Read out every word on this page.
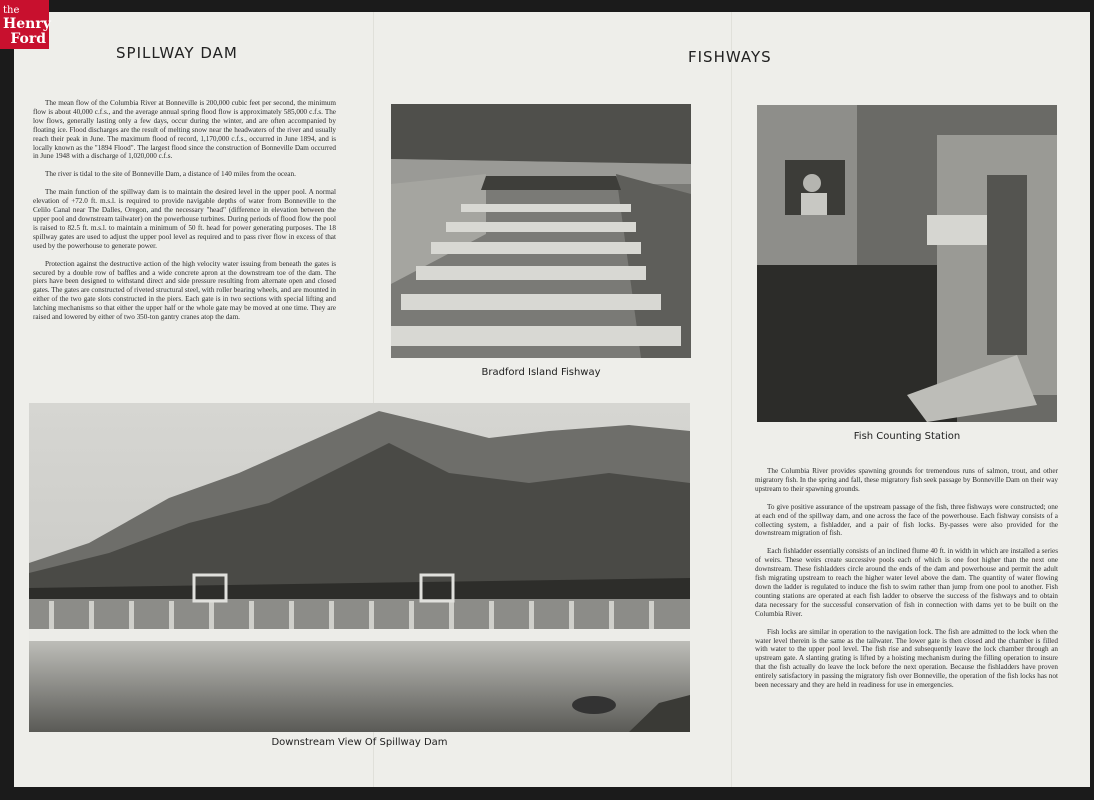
the
Henry
Ford
SPILLWAY DAM

The mean flow of the Columbia River at Bonneville is 200,000 cubic feet per second, the minimum flow is about 40,000 c.f.s., and the average annual spring flood flow is approximately 585,000 c.f.s. The low flows, generally lasting only a few days, occur during the winter, and are often accompanied by floating ice. Flood discharges are the result of melting snow near the headwaters of the river and usually reach their peak in June. The maximum flood of record, 1,170,000 c.f.s., occurred in June 1894, and is locally known as the "1894 Flood". The largest flood since the construction of Bonneville Dam occurred in June 1948 with a discharge of 1,020,000 c.f.s.

The river is tidal to the site of Bonneville Dam, a distance of 140 miles from the ocean.

The main function of the spillway dam is to maintain the desired level in the upper pool. A normal elevation of +72.0 ft. m.s.l. is required to provide navigable depths of water from Bonneville to the Celilo Canal near The Dalles, Oregon, and the necessary "head" (difference in elevation between the upper pool and downstream tailwater) on the powerhouse turbines. During periods of flood flow the pool is raised to 82.5 ft. m.s.l. to maintain a minimum of 50 ft. head for power generating purposes. The 18 spillway gates are used to adjust the upper pool level as required and to pass river flow in excess of that used by the powerhouse to generate power.

Protection against the destructive action of the high velocity water issuing from beneath the gates is secured by a double row of baffles and a wide concrete apron at the downstream toe of the dam. The piers have been designed to withstand direct and side pressure resulting from alternate open and closed gates. The gates are constructed of riveted structural steel, with roller bearing wheels, and are mounted in either of the two gate slots constructed in the piers. Each gate is in two sections with special lifting and latching mechanisms so that either the upper half or the whole gate may be moved at one time. They are raised and lowered by either of two 350-ton gantry cranes atop the dam.

Downstream View Of Spillway Dam
FISHWAYS
Bradford Island Fishway
Fish Counting Station

The Columbia River provides spawning grounds for tremendous runs of salmon, trout, and other migratory fish. In the spring and fall, these migratory fish seek passage by Bonneville Dam on their way upstream to their spawning grounds.

To give positive assurance of the upstream passage of the fish, three fishways were constructed; one at each end of the spillway dam, and one across the face of the powerhouse. Each fishway consists of a collecting system, a fishladder, and a pair of fish locks. By-passes were also provided for the downstream migration of fish.

Each fishladder essentially consists of an inclined flume 40 ft. in width in which are installed a series of weirs. These weirs create successive pools each of which is one foot higher than the next one downstream. These fishladders circle around the ends of the dam and powerhouse and permit the adult fish migrating upstream to reach the higher water level above the dam. The quantity of water flowing down the ladder is regulated to induce the fish to swim rather than jump from one pool to another. Fish counting stations are operated at each fish ladder to observe the success of the fishways and to obtain data necessary for the successful conservation of fish in connection with dams yet to be built on the Columbia River.

Fish locks are similar in operation to the navigation lock. The fish are admitted to the lock when the water level therein is the same as the tailwater. The lower gate is then closed and the chamber is filled with water to the upper pool level. The fish rise and subsequently leave the lock chamber through an upstream gate. A slanting grating is lifted by a hoisting mechanism during the filling operation to insure that the fish actually do leave the lock before the next operation. Because the fishladders have proven entirely satisfactory in passing the migratory fish over Bonneville, the operation of the fish locks has not been necessary and they are held in readiness for use in emergencies.
